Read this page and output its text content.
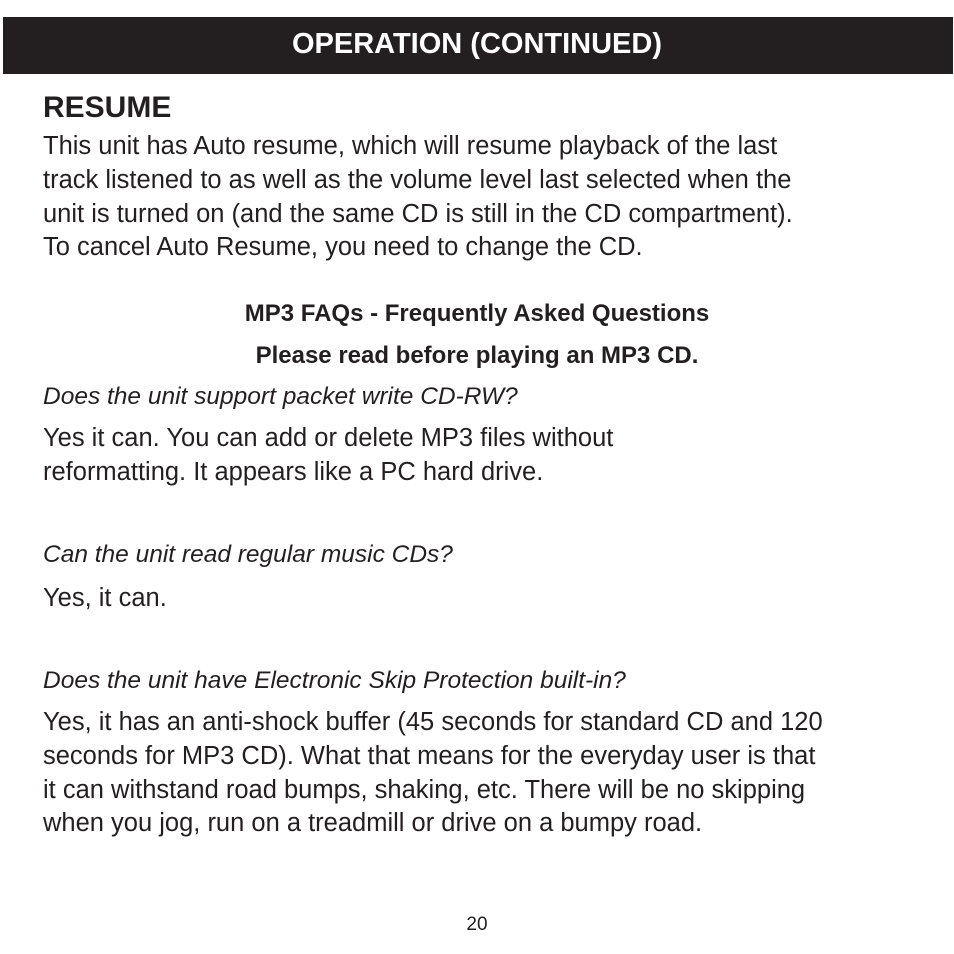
OPERATION (CONTINUED)
RESUME

This unit has Auto resume, which will resume playback of the last
track listened to as well as the volume level last selected when the
unit is turned on (and the same CD is still in the CD compartment).
To cancel Auto Resume, you need to change the CD.

MP3 FAQs - Frequently Asked Questions

Please read before playing an MP3 CD.

Does the unit support packet write CD-RW?

Yes it can. You can add or delete MP3 files without
reformatting. It appears like a PC hard drive.

Can the unit read regular music CDs?

Yes, it can.

Does the unit have Electronic Skip Protection built-in?

Yes, it has an anti-shock buffer (45 seconds for standard CD and 120
seconds for MP3 CD). What that means for the everyday user is that
it can withstand road bumps, shaking, etc. There will be no skipping
when you jog, run on a treadmill or drive on a bumpy road.

20
